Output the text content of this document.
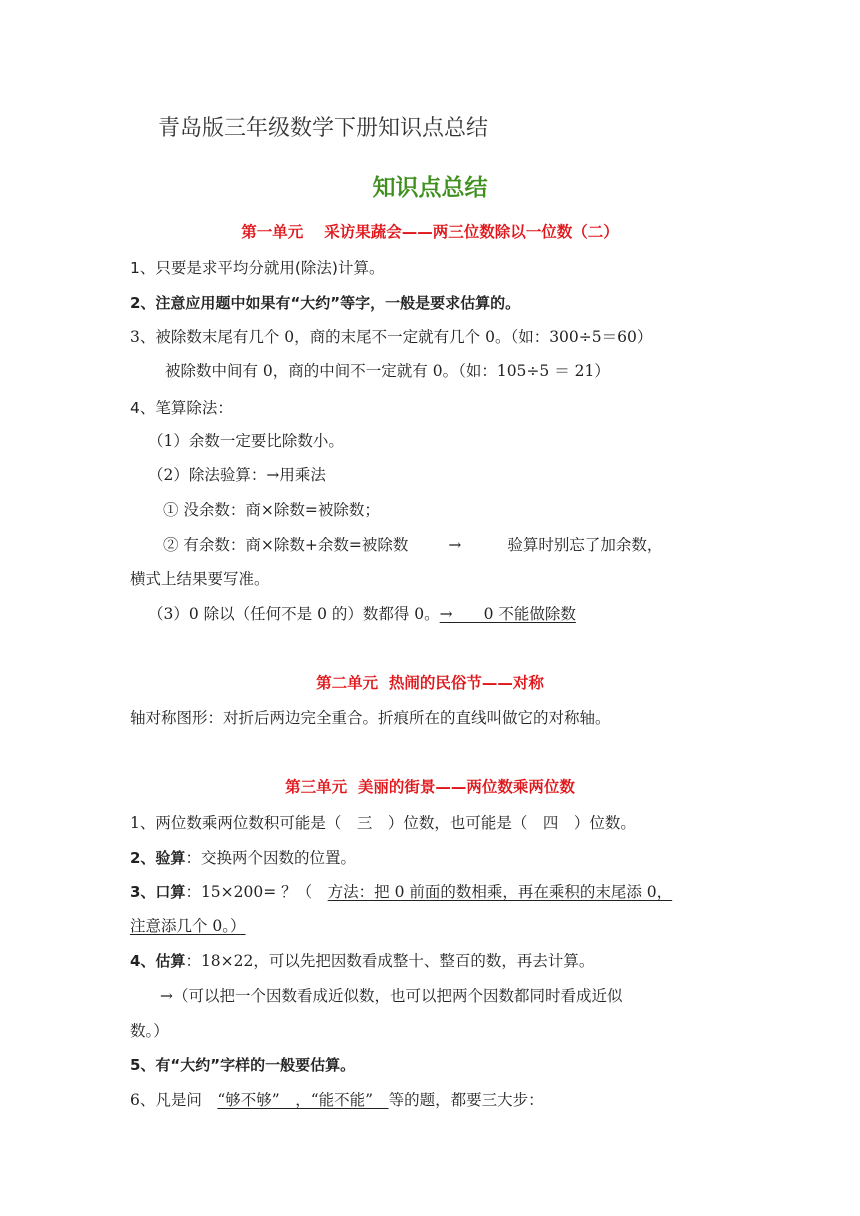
青岛版三年级数学下册知识点总结
知识点总结
第一单元　 采访果蔬会——两三位数除以一位数（二）
1、只要是求平均分就用(除法)计算。
2、注意应用题中如果有“大约”等字，一般是要求估算的。
3、被除数末尾有几个 0，商的末尾不一定就有几个 0。（如：300÷5＝60）
被除数中间有 0，商的中间不一定就有 0。（如：105÷5 ＝ 21）
4、笔算除法：
（1）余数一定要比除数小。
（2）除法验算：→用乘法
① 没余数：商×除数=被除数；
② 有余数：商×除数+余数=被除数	→	验算时别忘了加余数，
横式上结果要写准。
（3）0 除以（任何不是 0 的）数都得 0。→　　0 不能做除数
第二单元  热闹的民俗节——对称
轴对称图形：对折后两边完全重合。折痕所在的直线叫做它的对称轴。
第三单元  美丽的街景——两位数乘两位数
1、两位数乘两位数积可能是（　三　）位数，也可能是（　四　）位数。
2、验算：交换两个因数的位置。
3、口算：15×200= ？（　方法：把 0 前面的数相乘，再在乘积的末尾添 0，
注意添几个 0。）
4、估算：18×22，可以先把因数看成整十、整百的数，再去计算。
→（可以把一个因数看成近似数，也可以把两个因数都同时看成近似
数。）
5、有“大约”字样的一般要估算。
6、凡是问　“够不够”　，“能不能”　等的题，都要三大步：
